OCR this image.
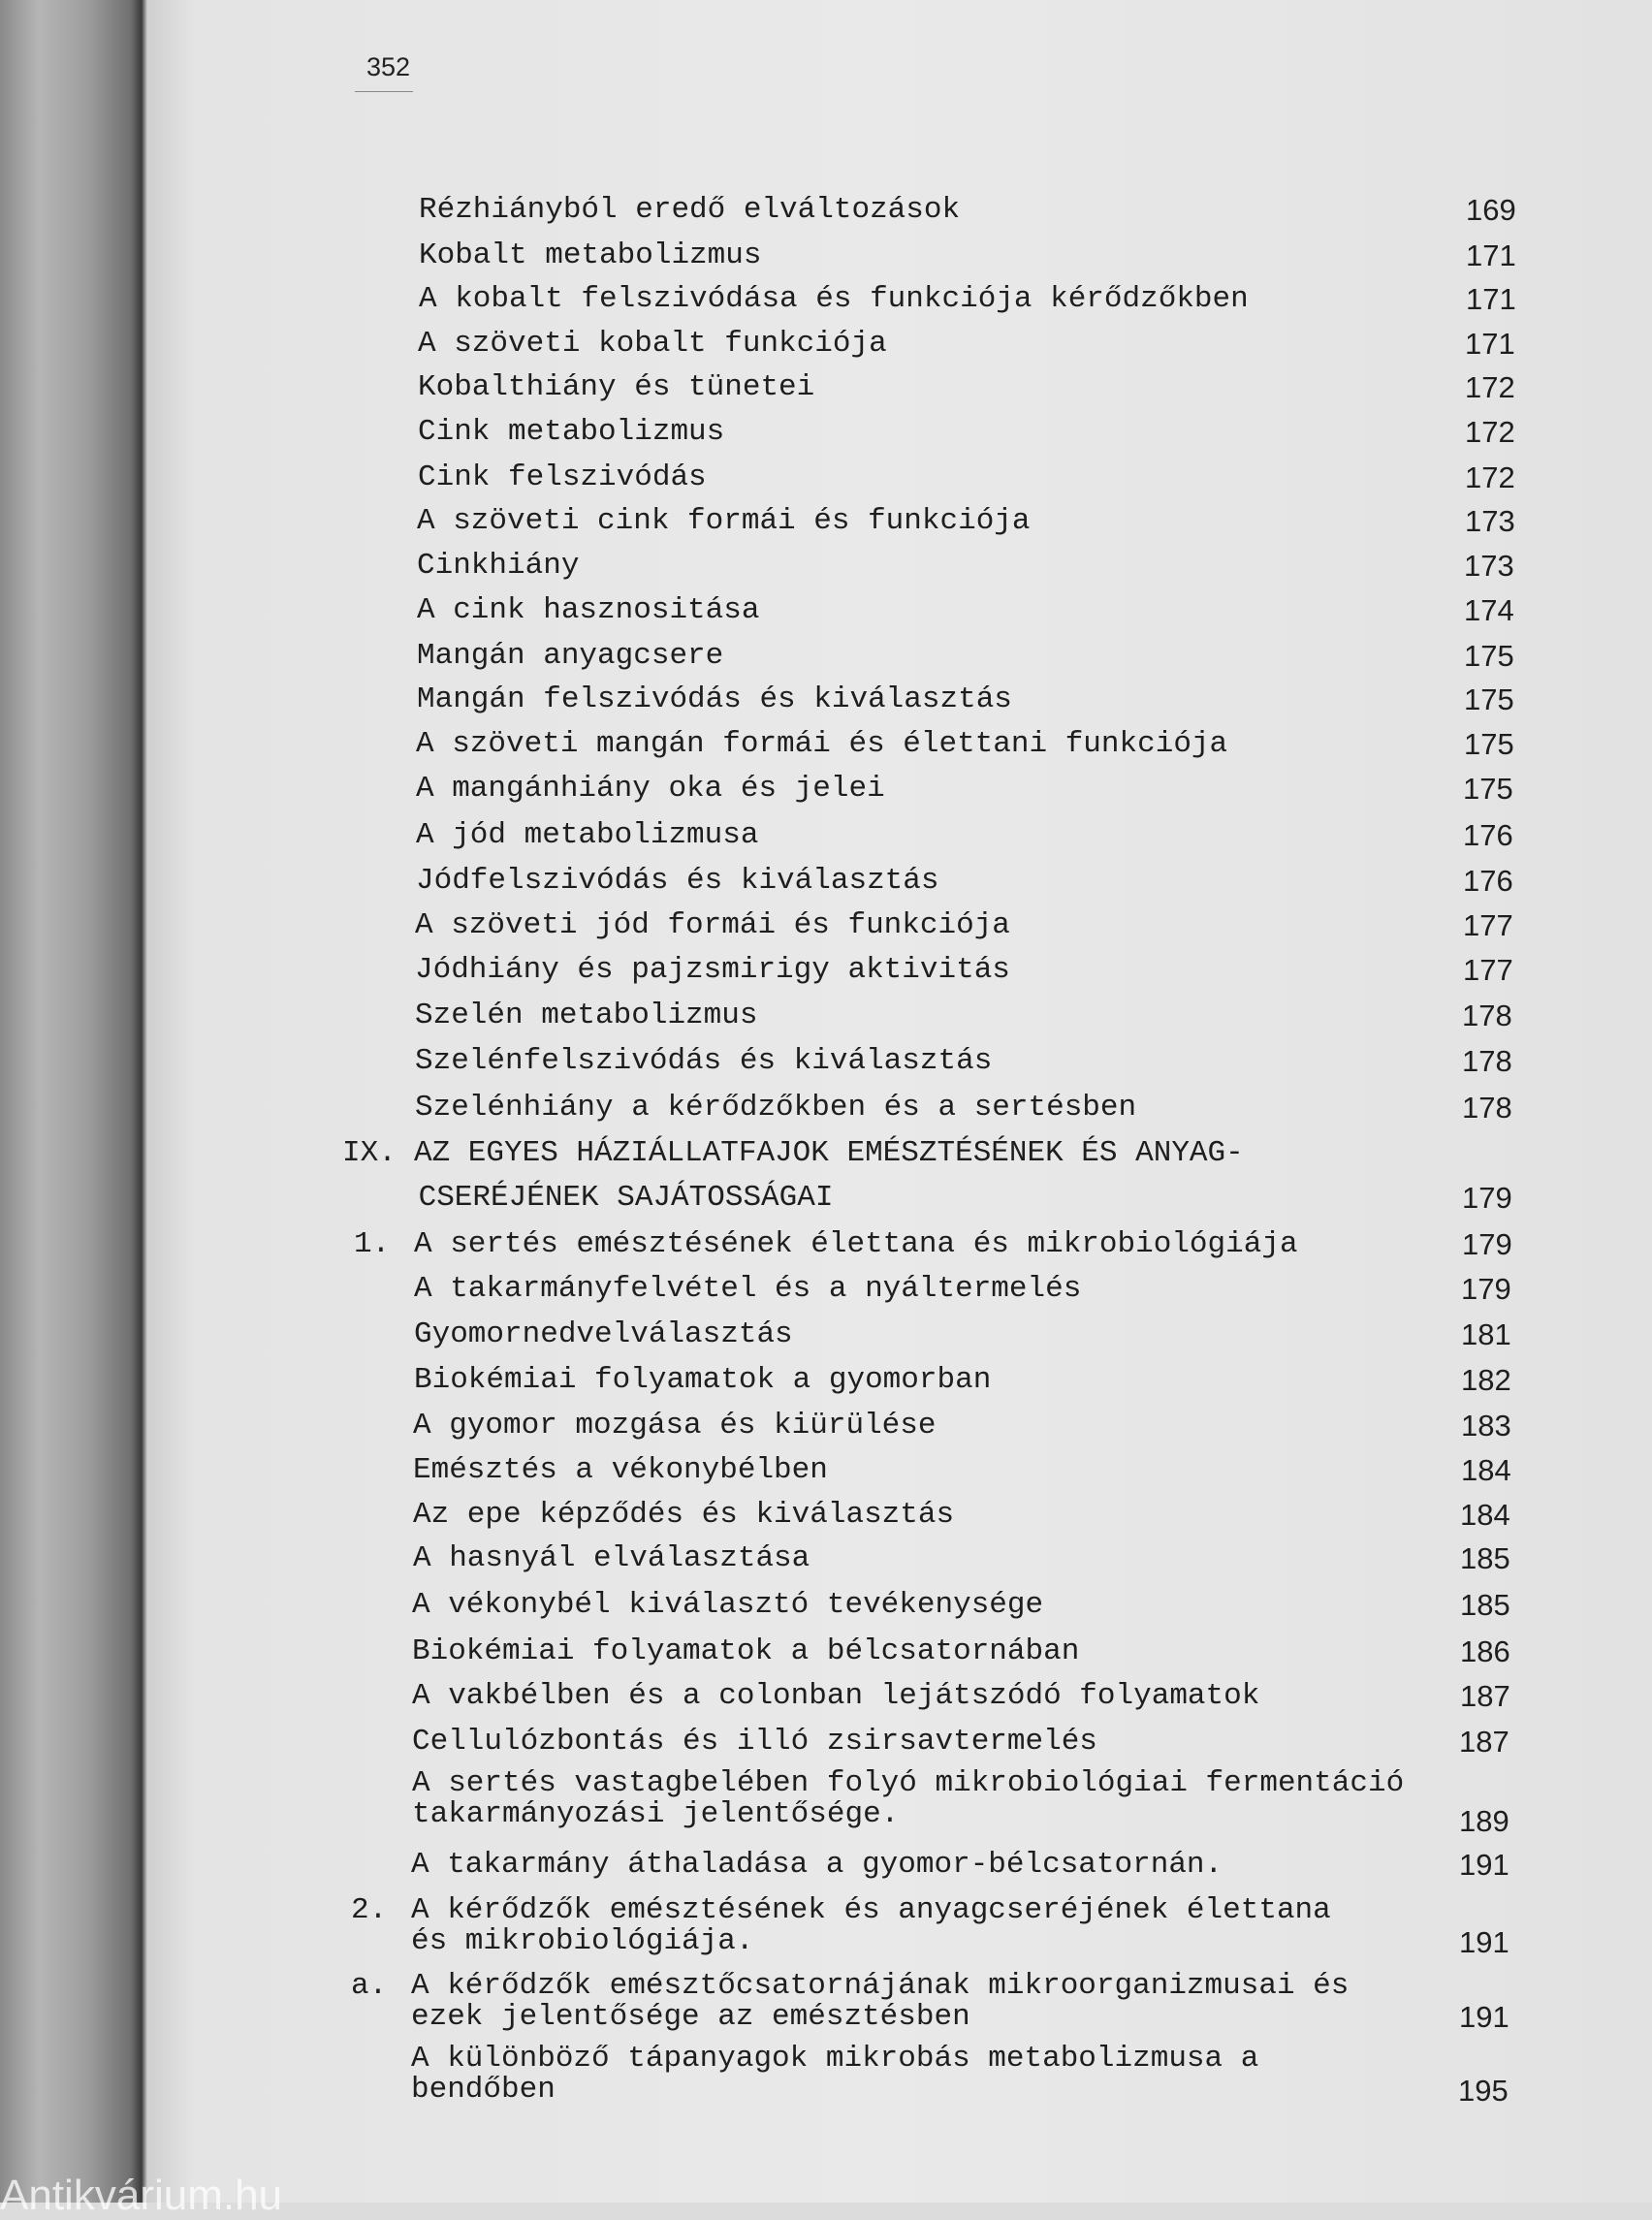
352
Rézhiányból eredő elváltozások	169
Kobalt metabolizmus	171
A kobalt felszivódása és funkciója kérődzőkben	171
A szöveti kobalt funkciója	171
Kobalthiány és tünetei	172
Cink metabolizmus	172
Cink felszivódás	172
A szöveti cink formái és funkciója	173
Cinkhiány	173
A cink hasznositása	174
Mangán anyagcsere	175
Mangán felszivódás és kiválasztás	175
A szöveti mangán formái és élettani funkciója	175
A mangánhiány oka és jelei	175
A jód metabolizmusa	176
Jódfelszivódás és kiválasztás	176
A szöveti jód formái és funkciója	177
Jódhiány és pajzsmirigy aktivitás	177
Szelén metabolizmus	178
Szelénfelszivódás és kiválasztás	178
Szelénhiány a kérődzőkben és a sertésben	178
IX. AZ EGYES HÁZIÁLLATFAJOK EMÉSZTÉSÉNEK ÉS ANYAG-
CSERÉJÉNEK SAJÁTOSSÁGAI	179
1. A sertés emésztésének élettana és mikrobiológiája	179
A takarmányfelvétel és a nyáltermelés	179
Gyomornedvelválasztás	181
Biokémiai folyamatok a gyomorban	182
A gyomor mozgása és kiürülése	183
Emésztés a vékonybélben	184
Az epe képződés és kiválasztás	184
A hasnyál elválasztása	185
A vékonybél kiválasztó tevékenysége	185
Biokémiai folyamatok a bélcsatornában	186
A vakbélben és a colonban lejátszódó folyamatok	187
Cellulózbontás és illó zsirsavtermelés	187
A sertés vastagbelében folyó mikrobiológiai fermentáció
takarmányozási jelentősége.	189
A takarmány áthaladása a gyomor-bélcsatornán.	191
2. A kérődzők emésztésének és anyagcseréjének élettana
és mikrobiológiája.	191
a. A kérődzők emésztőcsatornájának mikroorganizmusai és
ezek jelentősége az emésztésben	191
A különböző tápanyagok mikrobás metabolizmusa a
bendőben	195
Antikvárium.hu
